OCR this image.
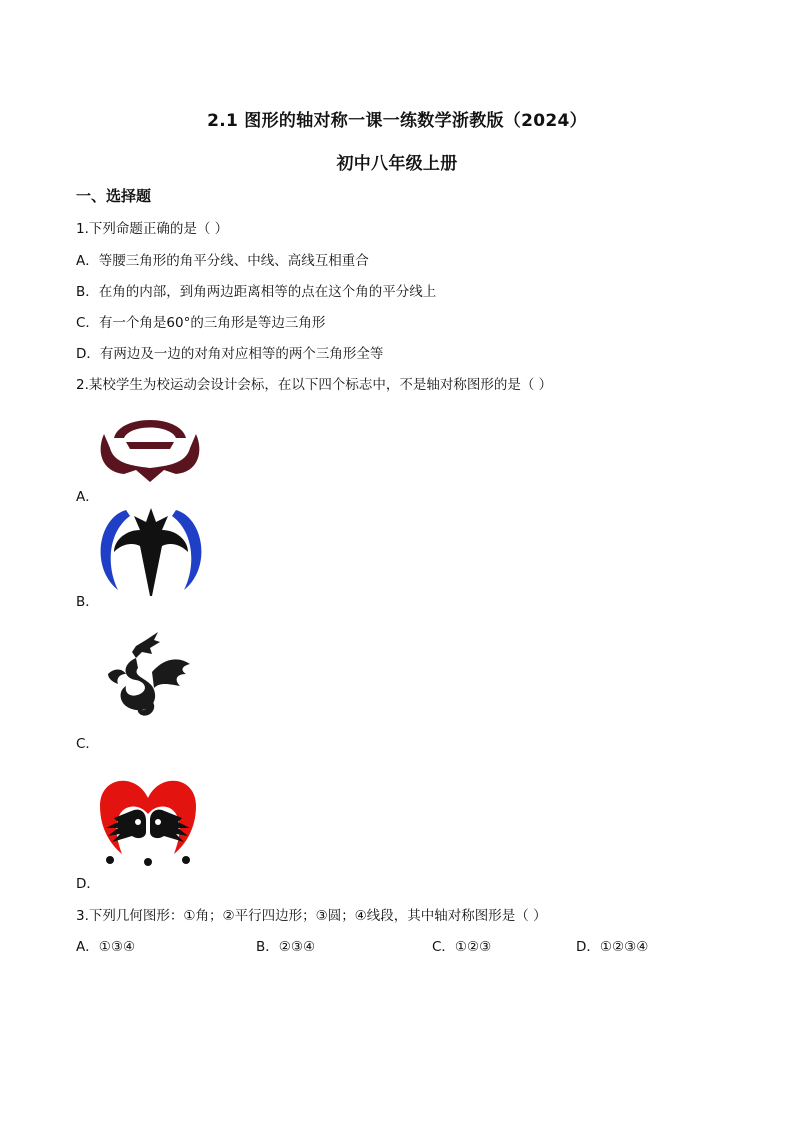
2.1 图形的轴对称一课一练数学浙教版（2024）
初中八年级上册
一、选择题
1.下列命题正确的是（ ）
A．等腰三角形的角平分线、中线、高线互相重合
B．在角的内部，到角两边距离相等的点在这个角的平分线上
C．有一个角是60°的三角形是等边三角形
D．有两边及一边的对角对应相等的两个三角形全等
2.某校学生为校运动会设计会标，在以下四个标志中，不是轴对称图形的是（ ）
A．
B．
C．
D．
3.下列几何图形：①角；②平行四边形；③圆；④线段，其中轴对称图形是（ ）
A．①③④	B．②③④	C．①②③	D．①②③④
